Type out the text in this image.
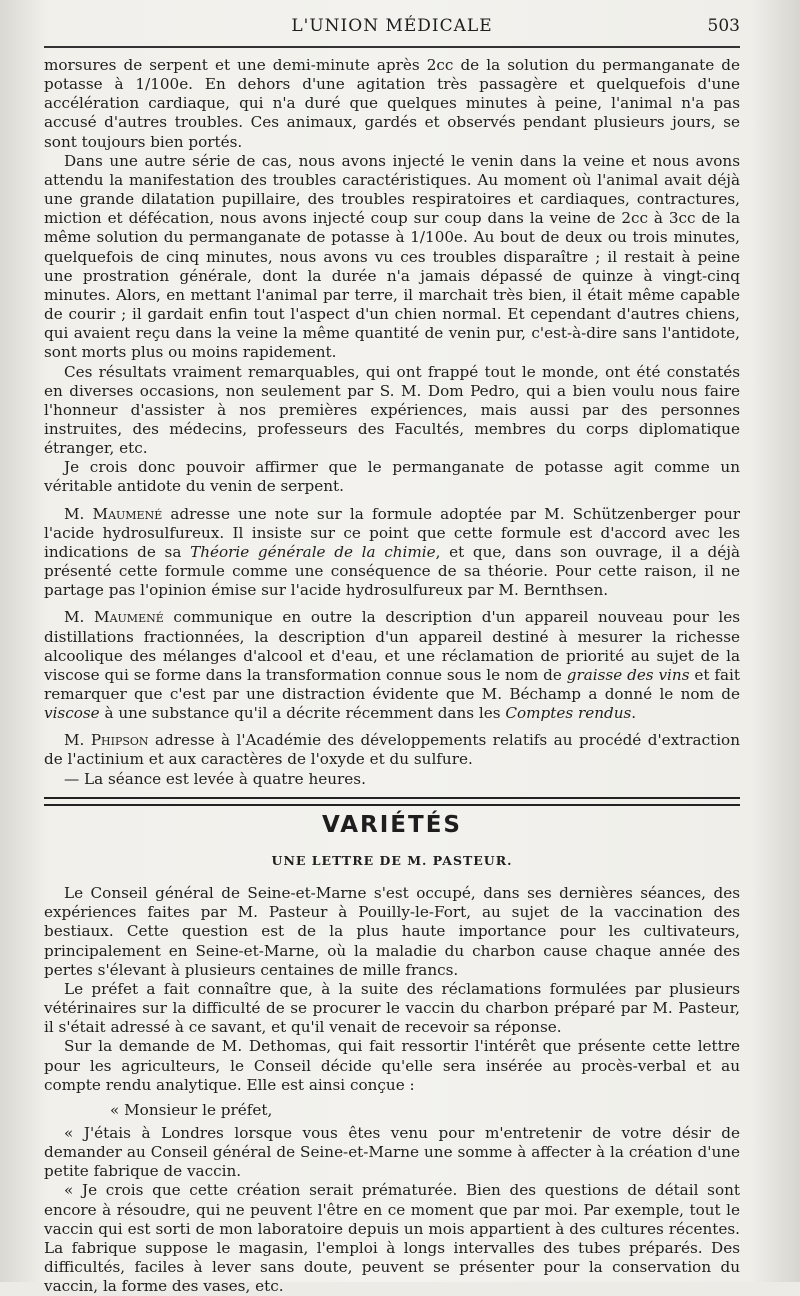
L'UNION MÉDICALE	503

morsures de serpent et une demi-minute après 2cc de la solution du permanganate de potasse à 1/100e. En dehors d'une agitation très passagère et quelquefois d'une accélération cardiaque, qui n'a duré que quelques minutes à peine, l'animal n'a pas accusé d'autres troubles. Ces animaux, gardés et observés pendant plusieurs jours, se sont toujours bien portés.

Dans une autre série de cas, nous avons injecté le venin dans la veine et nous avons attendu la manifestation des troubles caractéristiques. Au moment où l'animal avait déjà une grande dilatation pupillaire, des troubles respiratoires et cardiaques, contractures, miction et défécation, nous avons injecté coup sur coup dans la veine de 2cc à 3cc de la même solution du permanganate de potasse à 1/100e. Au bout de deux ou trois minutes, quelquefois de cinq minutes, nous avons vu ces troubles disparaître ; il restait à peine une prostration générale, dont la durée n'a jamais dépassé de quinze à vingt-cinq minutes. Alors, en mettant l'animal par terre, il marchait très bien, il était même capable de courir ; il gardait enfin tout l'aspect d'un chien normal. Et cependant d'autres chiens, qui avaient reçu dans la veine la même quantité de venin pur, c'est-à-dire sans l'antidote, sont morts plus ou moins rapidement.

Ces résultats vraiment remarquables, qui ont frappé tout le monde, ont été constatés en diverses occasions, non seulement par S. M. Dom Pedro, qui a bien voulu nous faire l'honneur d'assister à nos premières expériences, mais aussi par des personnes instruites, des médecins, professeurs des Facultés, membres du corps diplomatique étranger, etc.

Je crois donc pouvoir affirmer que le permanganate de potasse agit comme un véritable antidote du venin de serpent.

M. Maumené adresse une note sur la formule adoptée par M. Schützenberger pour l'acide hydrosulfureux. Il insiste sur ce point que cette formule est d'accord avec les indications de sa Théorie générale de la chimie, et que, dans son ouvrage, il a déjà présenté cette formule comme une conséquence de sa théorie. Pour cette raison, il ne partage pas l'opinion émise sur l'acide hydrosulfureux par M. Bernthsen.

M. Maumené communique en outre la description d'un appareil nouveau pour les distillations fractionnées, la description d'un appareil destiné à mesurer la richesse alcoolique des mélanges d'alcool et d'eau, et une réclamation de priorité au sujet de la viscose qui se forme dans la transformation connue sous le nom de graisse des vins et fait remarquer que c'est par une distraction évidente que M. Béchamp a donné le nom de viscose à une substance qu'il a décrite récemment dans les Comptes rendus.

M. Phipson adresse à l'Académie des développements relatifs au procédé d'extraction de l'actinium et aux caractères de l'oxyde et du sulfure.

— La séance est levée à quatre heures.

VARIÉTÉS
UNE LETTRE DE M. PASTEUR.

Le Conseil général de Seine-et-Marne s'est occupé, dans ses dernières séances, des expériences faites par M. Pasteur à Pouilly-le-Fort, au sujet de la vaccination des bestiaux. Cette question est de la plus haute importance pour les cultivateurs, principalement en Seine-et-Marne, où la maladie du charbon cause chaque année des pertes s'élevant à plusieurs centaines de mille francs.

Le préfet a fait connaître que, à la suite des réclamations formulées par plusieurs vétérinaires sur la difficulté de se procurer le vaccin du charbon préparé par M. Pasteur, il s'était adressé à ce savant, et qu'il venait de recevoir sa réponse.

Sur la demande de M. Dethomas, qui fait ressortir l'intérêt que présente cette lettre pour les agriculteurs, le Conseil décide qu'elle sera insérée au procès-verbal et au compte rendu analytique. Elle est ainsi conçue :

« Monsieur le préfet,

« J'étais à Londres lorsque vous êtes venu pour m'entretenir de votre désir de demander au Conseil général de Seine-et-Marne une somme à affecter à la création d'une petite fabrique de vaccin.

« Je crois que cette création serait prématurée. Bien des questions de détail sont encore à résoudre, qui ne peuvent l'être en ce moment que par moi. Par exemple, tout le vaccin qui est sorti de mon laboratoire depuis un mois appartient à des cultures récentes. La fabrique suppose le magasin, l'emploi à longs intervalles des tubes préparés. Des difficultés, faciles à lever sans doute, peuvent se présenter pour la conservation du vaccin, la forme des vases, etc.
